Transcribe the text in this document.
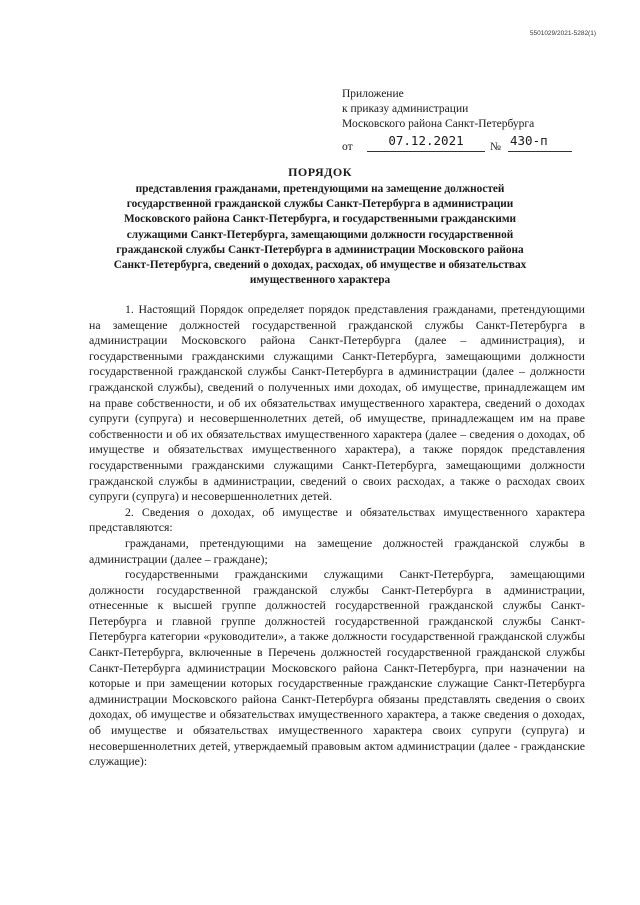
5501029/2021-5282(1)
Приложение
к приказу администрации
Московского района Санкт-Петербурга
от	07.12.2021	№ 430-п
ПОРЯДОК
представления гражданами, претендующими на замещение должностей государственной гражданской службы Санкт-Петербурга в администрации Московского района Санкт-Петербурга, и государственными гражданскими служащими Санкт-Петербурга, замещающими должности государственной гражданской службы Санкт-Петербурга в администрации Московского района Санкт-Петербурга, сведений о доходах, расходах, об имуществе и обязательствах имущественного характера

1. Настоящий Порядок определяет порядок представления гражданами, претендующими на замещение должностей государственной гражданской службы Санкт-Петербурга в администрации Московского района Санкт-Петербурга (далее – администрация), и государственными гражданскими служащими Санкт-Петербурга, замещающими должности государственной гражданской службы Санкт-Петербурга в администрации (далее – должности гражданской службы), сведений о полученных ими доходах, об имуществе, принадлежащем им на праве собственности, и об их обязательствах имущественного характера, сведений о доходах супруги (супруга) и несовершеннолетних детей, об имуществе, принадлежащем им на праве собственности и об их обязательствах имущественного характера (далее – сведения о доходах, об имуществе и обязательствах имущественного характера), а также порядок представления государственными гражданскими служащими Санкт-Петербурга, замещающими должности гражданской службы в администрации, сведений о своих расходах, а также о расходах своих супруги (супруга) и несовершеннолетних детей.

2. Сведения о доходах, об имуществе и обязательствах имущественного характера представляются:

гражданами, претендующими на замещение должностей гражданской службы в администрации (далее – граждане);

государственными гражданскими служащими Санкт-Петербурга, замещающими должности государственной гражданской службы Санкт-Петербурга в администрации, отнесенные к высшей группе должностей государственной гражданской службы Санкт-Петербурга и главной группе должностей государственной гражданской службы Санкт-Петербурга категории «руководители», а также должности государственной гражданской службы Санкт-Петербурга, включенные в Перечень должностей государственной гражданской службы Санкт-Петербурга администрации Московского района Санкт-Петербурга, при назначении на которые и при замещении которых государственные гражданские служащие Санкт-Петербурга администрации Московского района Санкт-Петербурга обязаны представлять сведения о своих доходах, об имуществе и обязательствах имущественного характера, а также сведения о доходах, об имуществе и обязательствах имущественного характера своих супруги (супруга) и несовершеннолетних детей, утверждаемый правовым актом администрации (далее - гражданские служащие):
